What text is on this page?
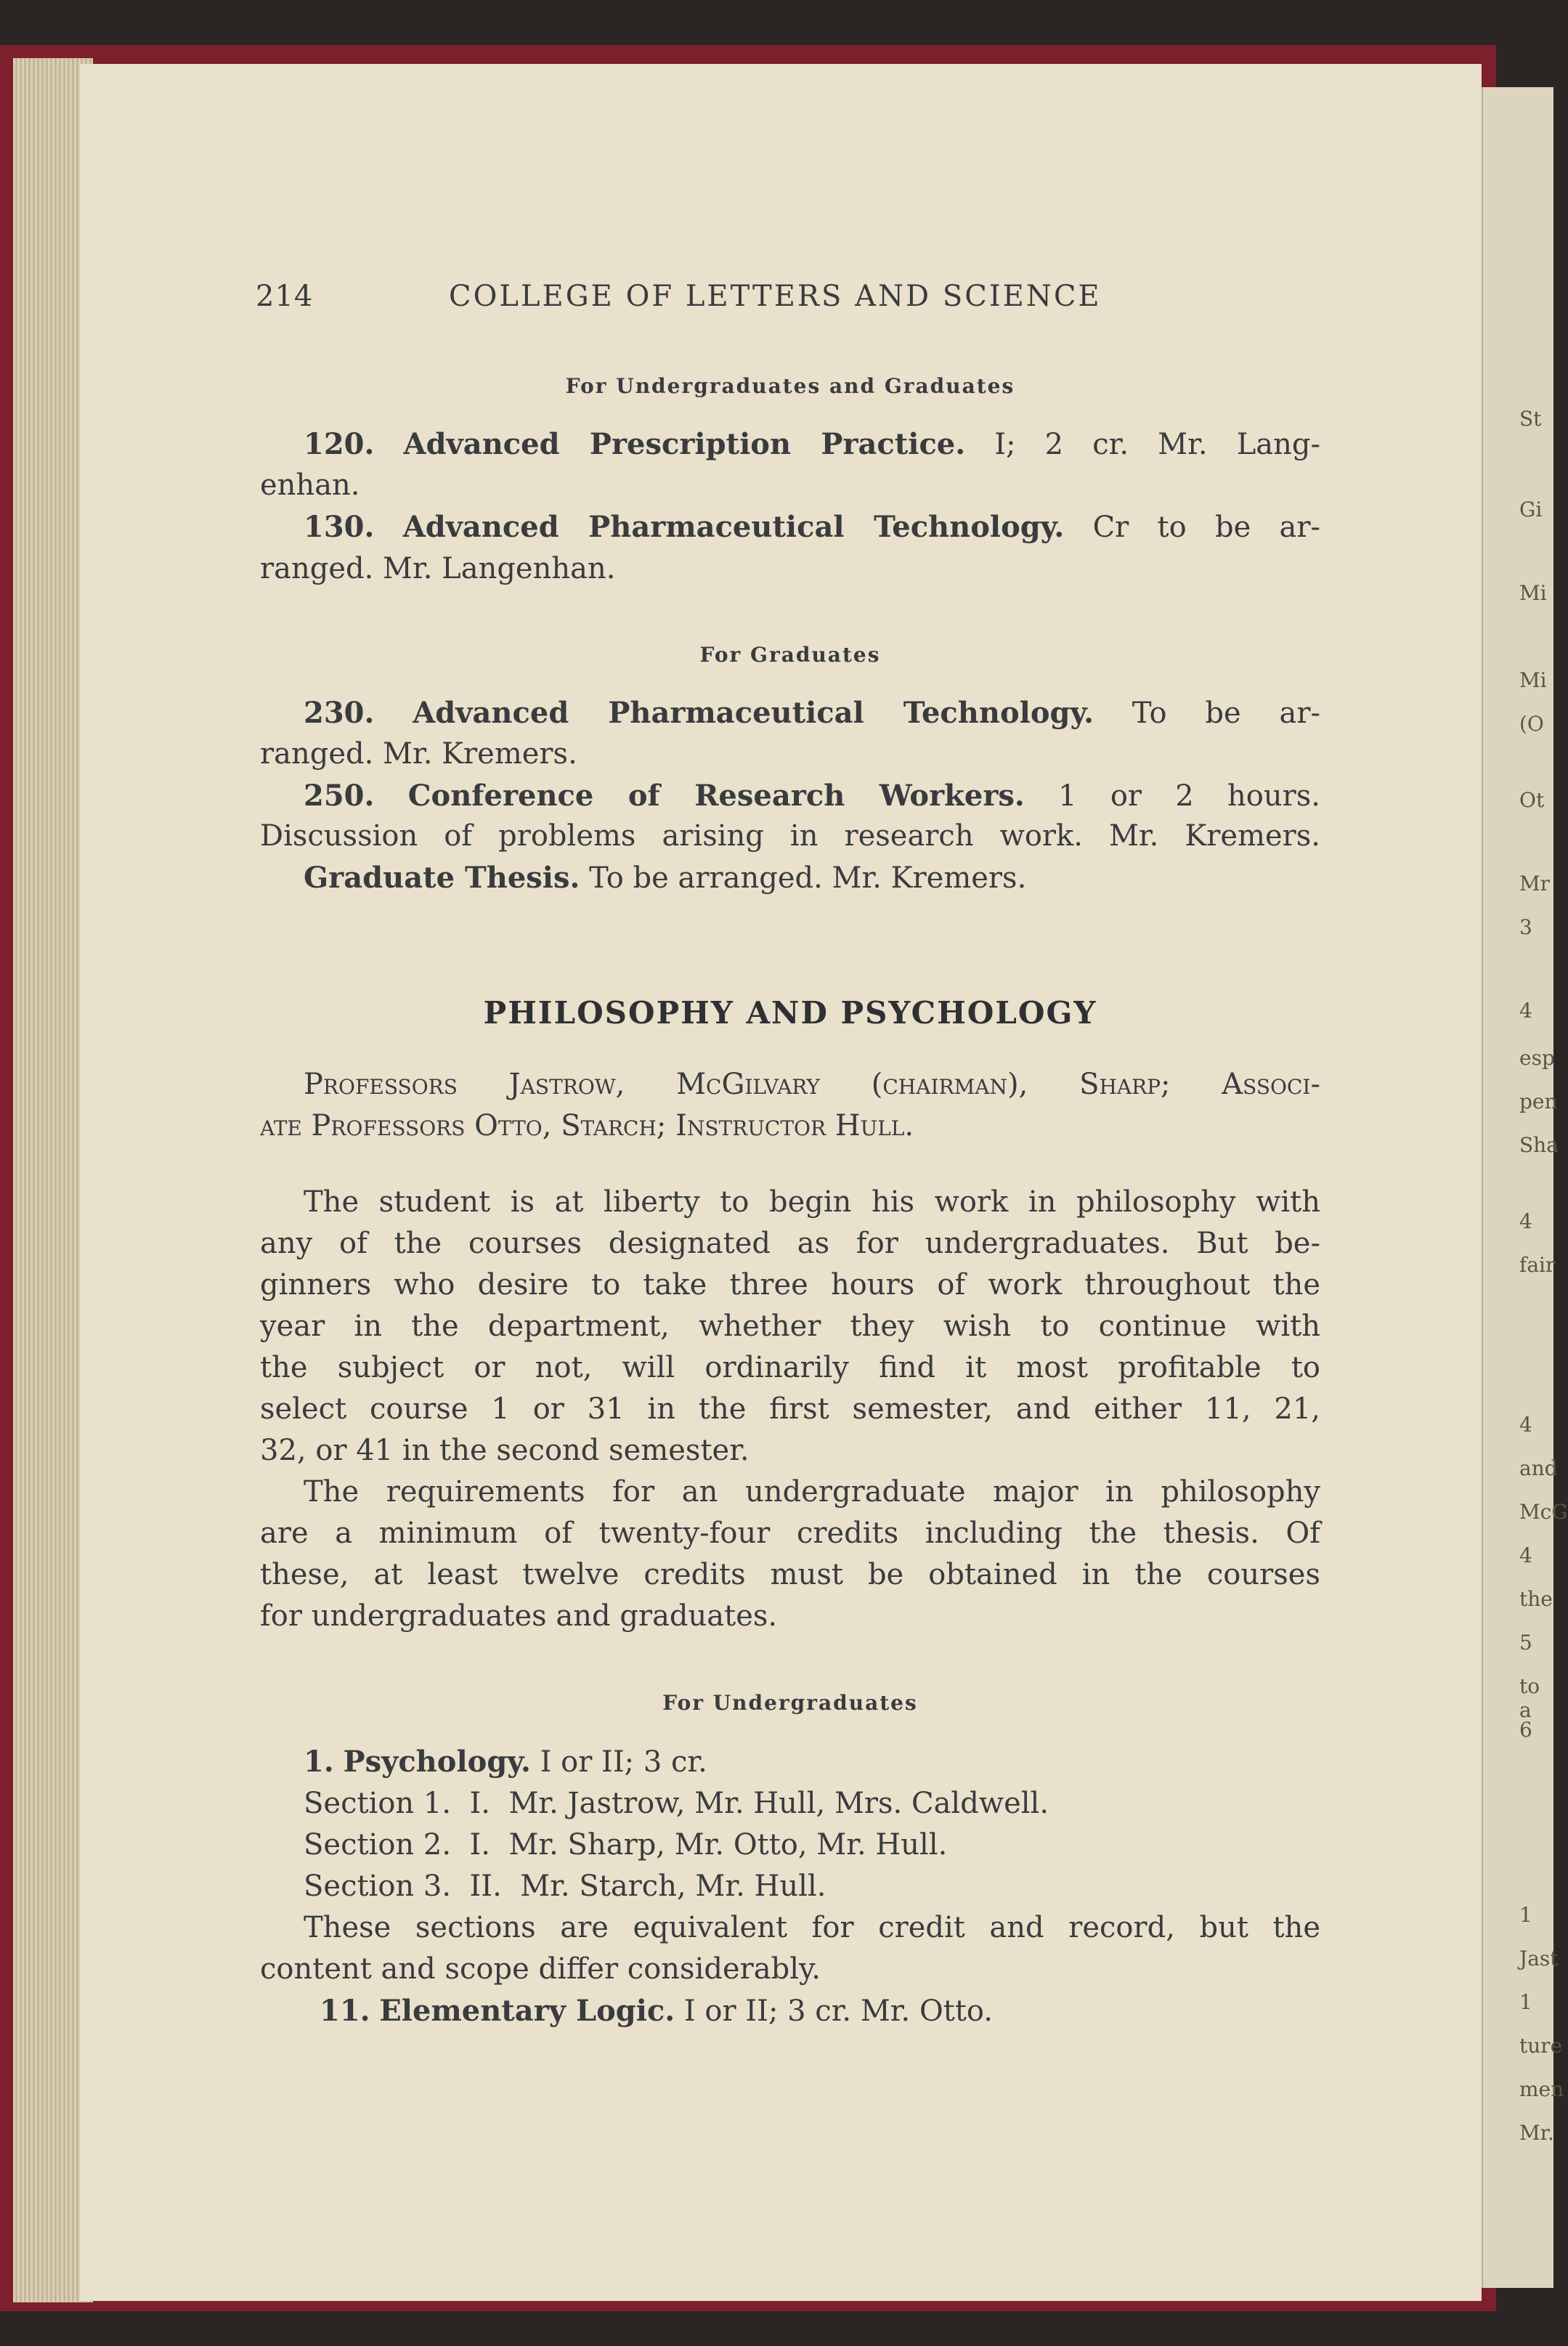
St
Gi
Mi
Mi
(O
Ot
Mr
3
4
esp
pen
Sha
4
fair
4
and
McG
4
the
5
to a
6
1
Jast
1
ture
men
Mr.
214	COLLEGE OF LETTERS AND SCIENCE
For Undergraduates and Graduates
120. Advanced Prescription Practice. I; 2 cr. Mr. Lang-
enhan.
130. Advanced Pharmaceutical Technology. Cr to be ar-
ranged. Mr. Langenhan.
For Graduates
230. Advanced Pharmaceutical Technology. To be ar-
ranged. Mr. Kremers.
250. Conference of Research Workers. 1 or 2 hours.
Discussion of problems arising in research work. Mr. Kremers.
Graduate Thesis. To be arranged. Mr. Kremers.
PHILOSOPHY AND PSYCHOLOGY
Professors Jastrow, McGilvary (chairman), Sharp; Associ-
ate Professors Otto, Starch; Instructor Hull.
The student is at liberty to begin his work in philosophy with
any of the courses designated as for undergraduates. But be-
ginners who desire to take three hours of work throughout the
year in the department, whether they wish to continue with
the subject or not, will ordinarily find it most profitable to
select course 1 or 31 in the first semester, and either 11, 21,
32, or 41 in the second semester.
The requirements for an undergraduate major in philosophy
are a minimum of twenty-four credits including the thesis. Of
these, at least twelve credits must be obtained in the courses
for undergraduates and graduates.
For Undergraduates
1. Psychology. I or II; 3 cr.
Section 1.  I.  Mr. Jastrow, Mr. Hull, Mrs. Caldwell.
Section 2.  I.  Mr. Sharp, Mr. Otto, Mr. Hull.
Section 3.  II.  Mr. Starch, Mr. Hull.
These sections are equivalent for credit and record, but the
content and scope differ considerably.
11. Elementary Logic. I or II; 3 cr. Mr. Otto.
